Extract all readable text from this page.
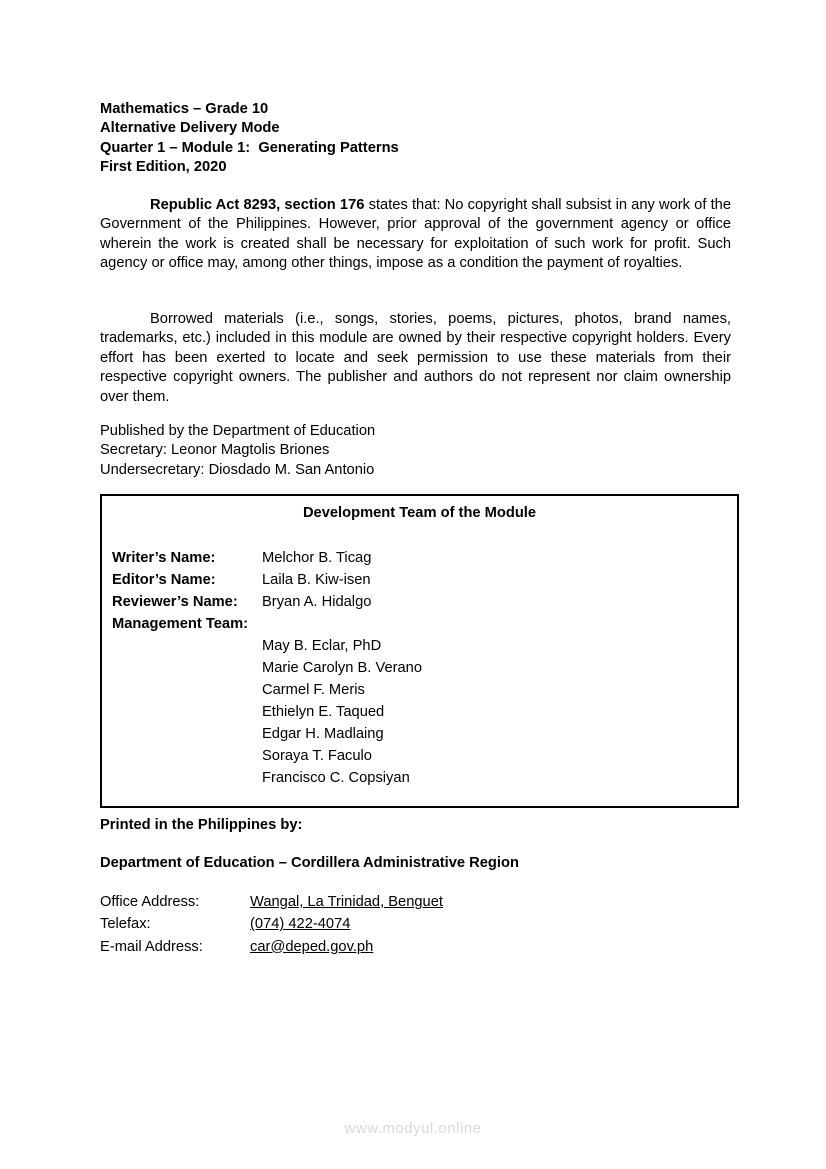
Mathematics – Grade 10
Alternative Delivery Mode
Quarter 1 – Module 1:  Generating Patterns
First Edition, 2020
Republic Act 8293, section 176 states that: No copyright shall subsist in any work of the Government of the Philippines. However, prior approval of the government agency or office wherein the work is created shall be necessary for exploitation of such work for profit. Such agency or office may, among other things, impose as a condition the payment of royalties.
Borrowed materials (i.e., songs, stories, poems, pictures, photos, brand names, trademarks, etc.) included in this module are owned by their respective copyright holders. Every effort has been exerted to locate and seek permission to use these materials from their respective copyright owners. The publisher and authors do not represent nor claim ownership over them.
Published by the Department of Education
Secretary: Leonor Magtolis Briones
Undersecretary: Diosdado M. San Antonio
Development Team of the Module
Writer’s Name:	Melchor B. Ticag
Editor’s Name:	Laila B. Kiw-isen
Reviewer’s Name:	Bryan A. Hidalgo
Management Team:
May B. Eclar, PhD
Marie Carolyn B. Verano
Carmel F. Meris
Ethielyn E. Taqued
Edgar H. Madlaing
Soraya T. Faculo
Francisco C. Copsiyan
Printed in the Philippines by:
Department of Education – Cordillera Administrative Region
Office Address:	Wangal, La Trinidad, Benguet
Telefax:	(074) 422-4074
E-mail Address:	car@deped.gov.ph
www.modyul.online
